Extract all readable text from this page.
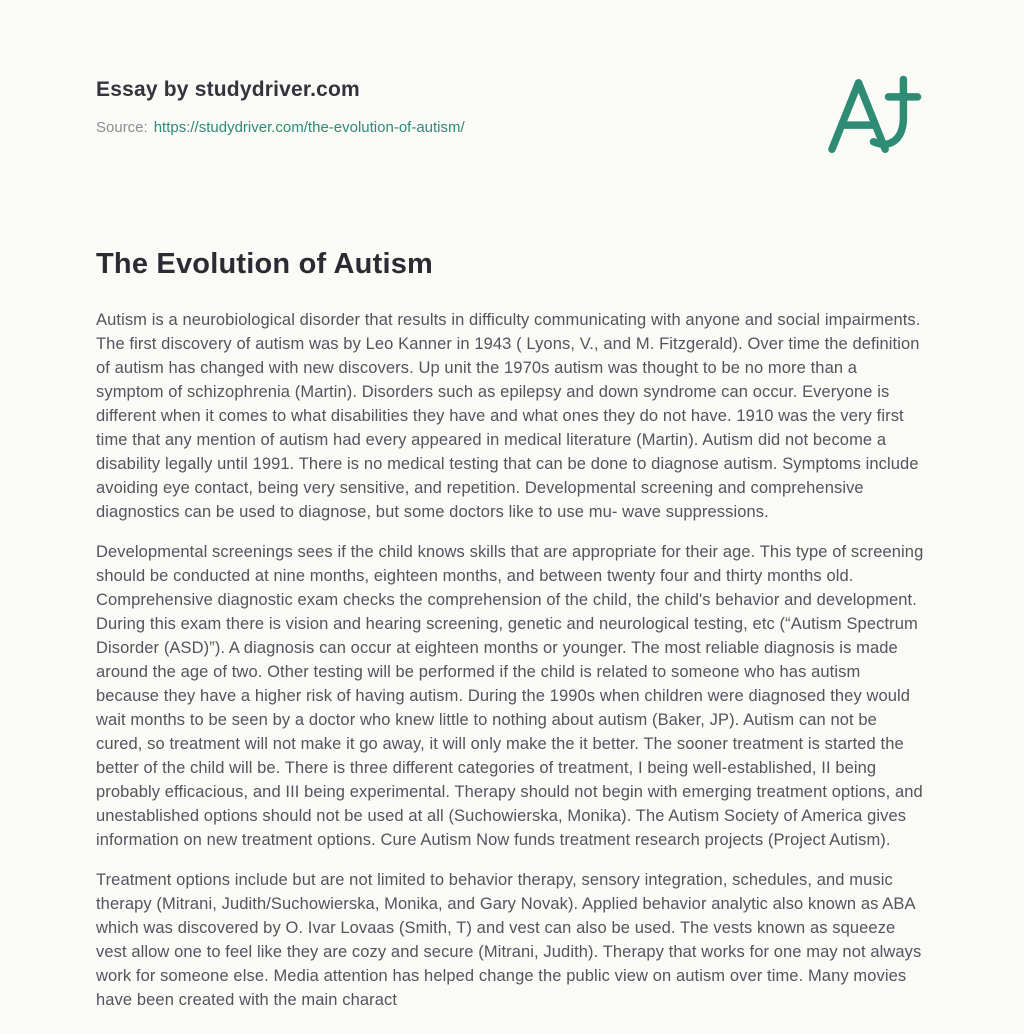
Essay by studydriver.com
Source: https://studydriver.com/the-evolution-of-autism/
The Evolution of Autism

Autism is a neurobiological disorder that results in difficulty communicating with anyone and social impairments. The first discovery of autism was by Leo Kanner in 1943 ( Lyons, V., and M. Fitzgerald). Over time the definition of autism has changed with new discovers. Up unit the 1970s autism was thought to be no more than a symptom of schizophrenia (Martin). Disorders such as epilepsy and down syndrome can occur. Everyone is different when it comes to what disabilities they have and what ones they do not have. 1910 was the very first time that any mention of autism had every appeared in medical literature (Martin). Autism did not become a disability legally until 1991. There is no medical testing that can be done to diagnose autism. Symptoms include avoiding eye contact, being very sensitive, and repetition. Developmental screening and comprehensive diagnostics can be used to diagnose, but some doctors like to use mu- wave suppressions.

Developmental screenings sees if the child knows skills that are appropriate for their age. This type of screening should be conducted at nine months, eighteen months, and between twenty four and thirty months old. Comprehensive diagnostic exam checks the comprehension of the child, the child's behavior and development. During this exam there is vision and hearing screening, genetic and neurological testing, etc (“Autism Spectrum Disorder (ASD)”). A diagnosis can occur at eighteen months or younger. The most reliable diagnosis is made around the age of two. Other testing will be performed if the child is related to someone who has autism because they have a higher risk of having autism. During the 1990s when children were diagnosed they would wait months to be seen by a doctor who knew little to nothing about autism (Baker, JP). Autism can not be cured, so treatment will not make it go away, it will only make the it better. The sooner treatment is started the better of the child will be. There is three different categories of treatment, I being well-established, II being probably efficacious, and III being experimental. Therapy should not begin with emerging treatment options, and unestablished options should not be used at all (Suchowierska, Monika). The Autism Society of America gives information on new treatment options. Cure Autism Now funds treatment research projects (Project Autism).

Treatment options include but are not limited to behavior therapy, sensory integration, schedules, and music therapy (Mitrani, Judith/Suchowierska, Monika, and Gary Novak). Applied behavior analytic also known as ABA which was discovered by O. Ivar Lovaas (Smith, T) and vest can also be used. The vests known as squeeze vest allow one to feel like they are cozy and secure (Mitrani, Judith). Therapy that works for one may not always work for someone else. Media attention has helped change the public view on autism over time. Many movies have been created with the main charact
